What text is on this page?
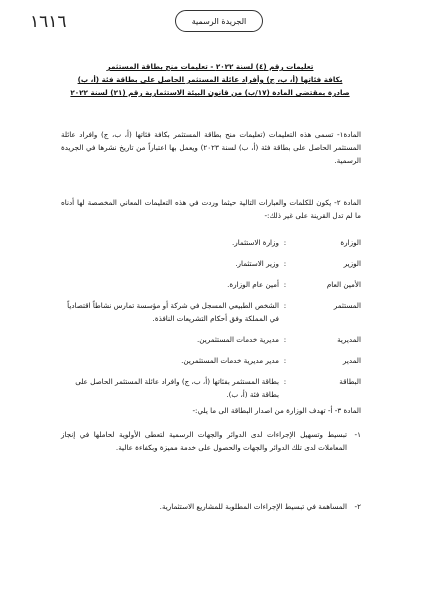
١٦١٦	الجريدة الرسمية
تعليمات رقم (٤) لسنة ٢٠٢٢ - تعليمات منح بطاقة المستثمر
بكافة فئاتها (أ، ب، ج) وأفراد عائلة المستثمر الحاصل على بطاقة فئة (أ، ب)
صادرة بمقتضى المادة (١٧/ب) من قانون البيئة الاستثمارية رقم (٢١) لسنة ٢٠٢٢

المادة١- تسمى هذه التعليمات (تعليمات منح بطاقة المستثمر بكافة فئاتها (أ، ب، ج) وافراد عائلة المستثمر الحاصل على بطاقة فئة (أ، ب) لسنة ٢٠٢٣) ويعمل بها اعتباراً من تاريخ نشرها في الجريدة الرسمية.

المادة ٢- يكون للكلمات والعبارات التالية حيثما وردت في هذه التعليمات المعاني المخصصة لها أدناه ما لم تدل القرينة على غير ذلك:-

الوزارة
:
وزارة الاستثمار.
الوزير
:
وزير الاستثمار.
الأمين العام
:
أمين عام الوزارة.
المستثمر
:
الشخص الطبيعي المسجل في شركة أو مؤسسة تمارس نشاطاً اقتصادياً في المملكة وفق أحكام التشريعات النافذة.
المديرية
:
مديرية خدمات المستثمرين.
المدير
:
مدير مديرية خدمات المستثمرين.
البطاقة
:
بطاقة المستثمر بفئاتها (أ، ب، ج) وافراد عائلة المستثمر الحاصل على بطاقة فئة (أ، ب).

المادة ٣- أ- تهدف الوزارة من اصدار البطاقة الى ما يلي:-

١-
تبسيط وتسهيل الإجراءات لدى الدوائر والجهات الرسمية لتعطى الأولوية لحاملها في إنجاز المعاملات لدى تلك الدوائر والجهات والحصول على خدمة مميزة وبكفاءة عالية.
٢-
المساهمة في تبسيط الإجراءات المطلوبة للمشاريع الاستثمارية.
